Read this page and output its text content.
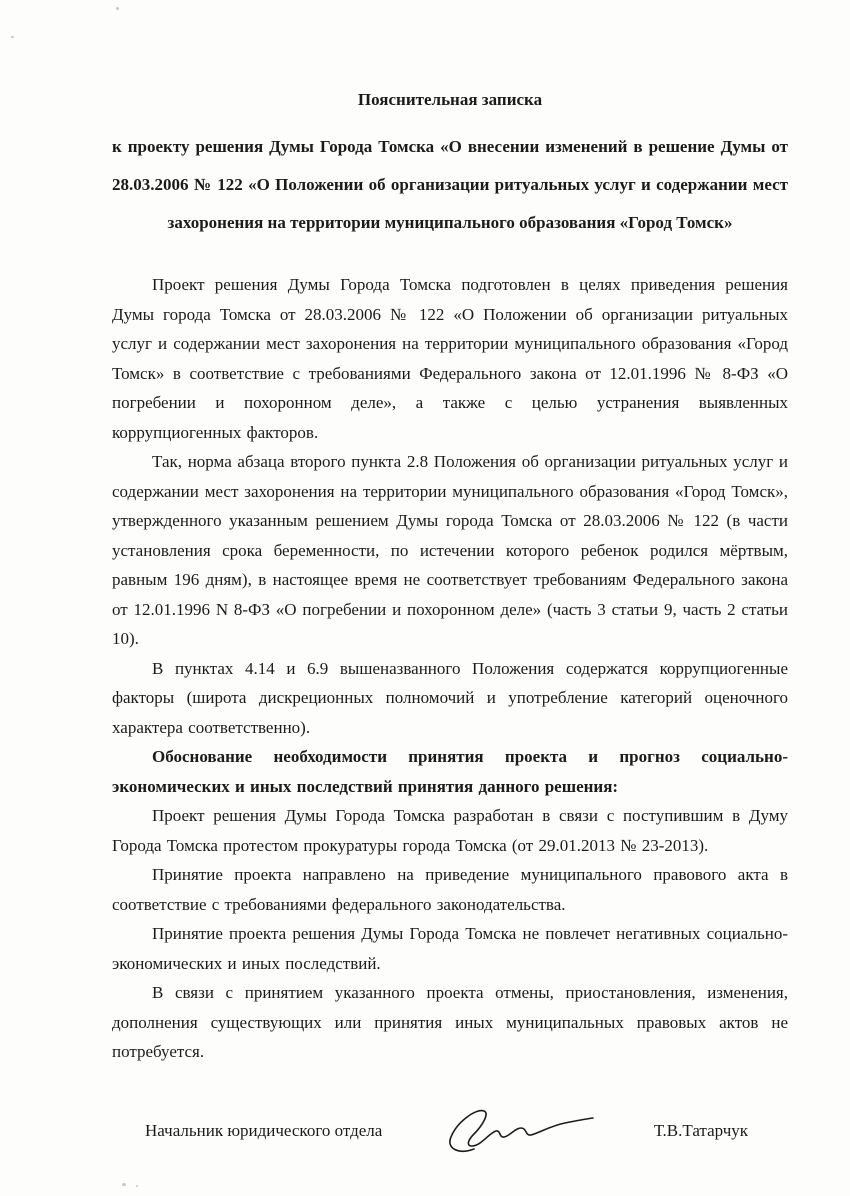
Пояснительная записка

к проекту решения Думы Города Томска «О внесении изменений в решение Думы от 28.03.2006 № 122 «О Положении об организации ритуальных услуг и содержании мест захоронения на территории муниципального образования «Город Томск»

Проект решения Думы Города Томска подготовлен в целях приведения решения Думы города Томска от 28.03.2006 № 122 «О Положении об организации ритуальных услуг и содержании мест захоронения на территории муниципального образования «Город Томск» в соответствие с требованиями Федерального закона от 12.01.1996 № 8-ФЗ «О погребении и похоронном деле», а также с целью устранения выявленных коррупциогенных факторов.

Так, норма абзаца второго пункта 2.8 Положения об организации ритуальных услуг и содержании мест захоронения на территории муниципального образования «Город Томск», утвержденного указанным решением Думы города Томска от 28.03.2006 № 122 (в части установления срока беременности, по истечении которого ребенок родился мёртвым, равным 196 дням), в настоящее время не соответствует требованиям Федерального закона от 12.01.1996 N 8-ФЗ «О погребении и похоронном деле» (часть 3 статьи 9, часть 2 статьи 10).

В пунктах 4.14 и 6.9 вышеназванного Положения содержатся коррупциогенные факторы (широта дискреционных полномочий и употребление категорий оценочного характера соответственно).

Обоснование необходимости принятия проекта и прогноз социально-экономических и иных последствий принятия данного решения:

Проект решения Думы Города Томска разработан в связи с поступившим в Думу Города Томска протестом прокуратуры города Томска (от 29.01.2013 № 23-2013).

Принятие проекта направлено на приведение муниципального правового акта в соответствие с требованиями федерального законодательства.

Принятие проекта решения Думы Города Томска не повлечет негативных социально-экономических и иных последствий.

В связи с принятием указанного проекта отмены, приостановления, изменения, дополнения существующих или принятия иных муниципальных правовых актов не потребуется.

Начальник юридического отдела	Т.В.Татарчук
